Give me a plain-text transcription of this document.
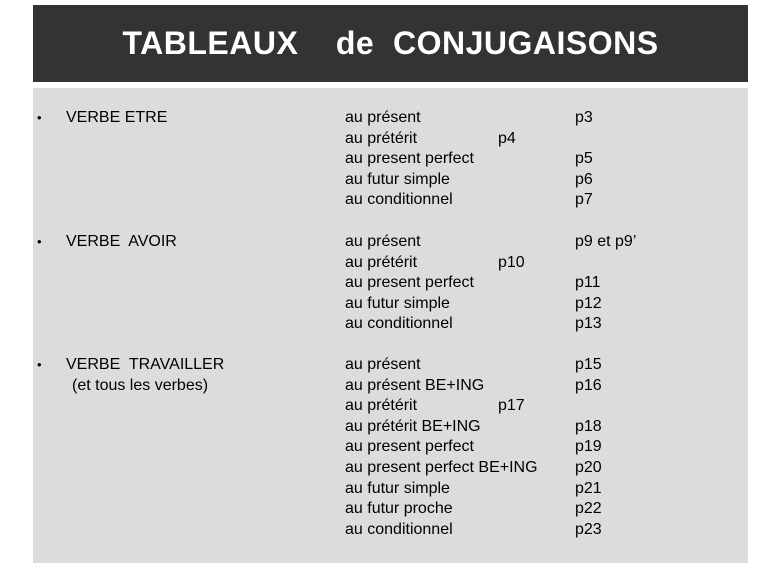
TABLEAUX    de  CONJUGAISONS
• VERBE ETRE	au présent	p3
au prétérit	p4
au present perfect	p5
au futur simple	p6
au conditionnel	p7
• VERBE  AVOIR	au présent	p9 et p9’
au prétérit	p10
au present perfect	p11
au futur simple	p12
au conditionnel	p13
• VERBE  TRAVAILLER
(et tous les verbes)
au présent	p15
au présent BE+ING	p16
au prétérit	p17
au prétérit BE+ING	p18
au present perfect	p19
au present perfect BE+ING p20
au futur simple	p21
au futur proche	p22
au conditionnel	p23
